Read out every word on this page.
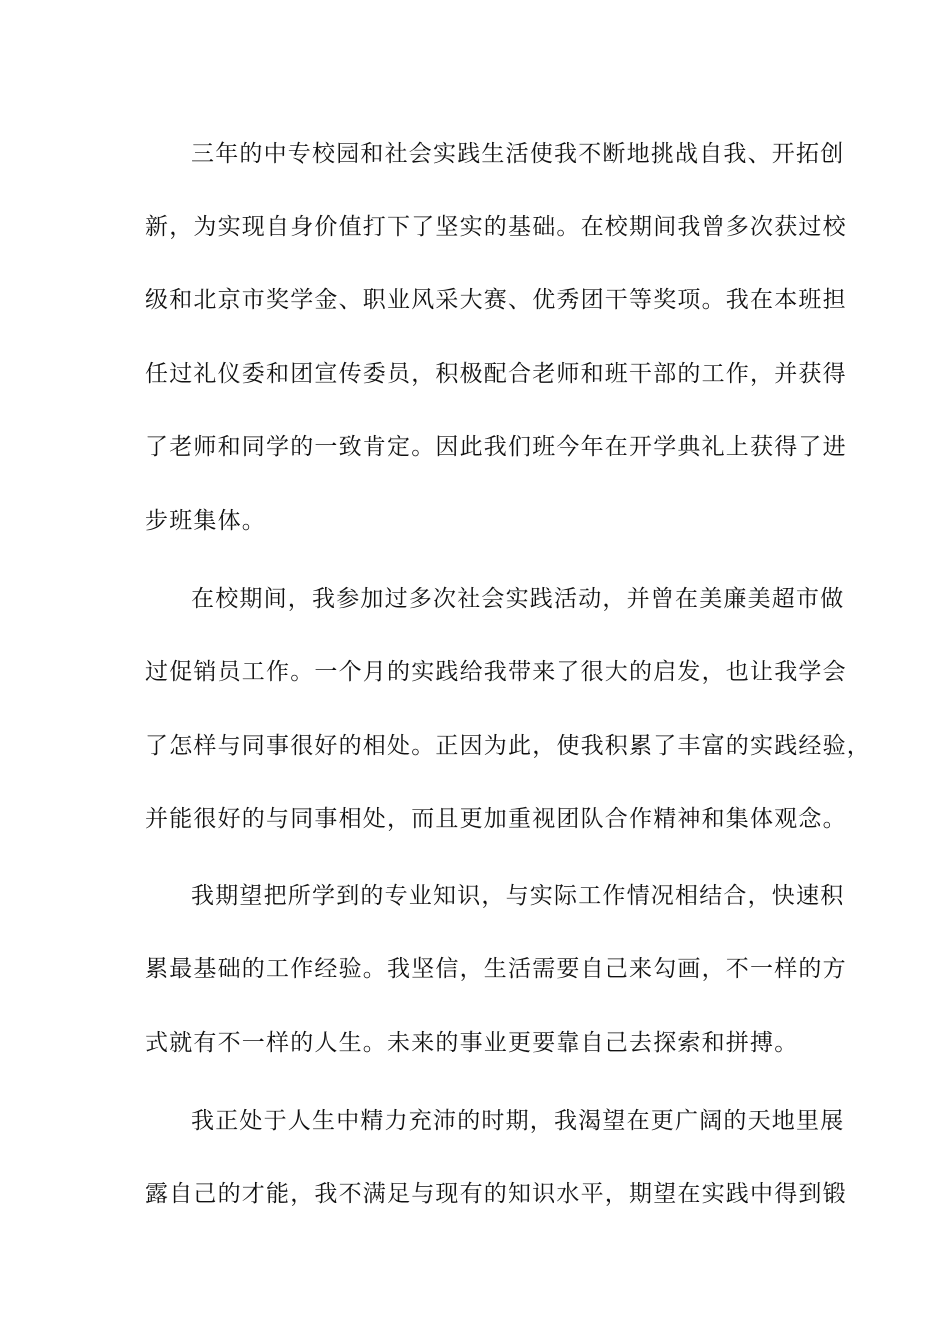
三年的中专校园和社会实践生活使我不断地挑战自我、开拓创
新，为实现自身价值打下了坚实的基础。在校期间我曾多次获过校
级和北京市奖学金、职业风采大赛、优秀团干等奖项。我在本班担
任过礼仪委和团宣传委员，积极配合老师和班干部的工作，并获得
了老师和同学的一致肯定。因此我们班今年在开学典礼上获得了进
步班集体。
在校期间，我参加过多次社会实践活动，并曾在美廉美超市做
过促销员工作。一个月的实践给我带来了很大的启发，也让我学会
了怎样与同事很好的相处。正因为此，使我积累了丰富的实践经验，
并能很好的与同事相处，而且更加重视团队合作精神和集体观念。
我期望把所学到的专业知识，与实际工作情况相结合，快速积
累最基础的工作经验。我坚信，生活需要自己来勾画，不一样的方
式就有不一样的人生。未来的事业更要靠自己去探索和拼搏。
我正处于人生中精力充沛的时期，我渴望在更广阔的天地里展
露自己的才能，我不满足与现有的知识水平，期望在实践中得到锻
